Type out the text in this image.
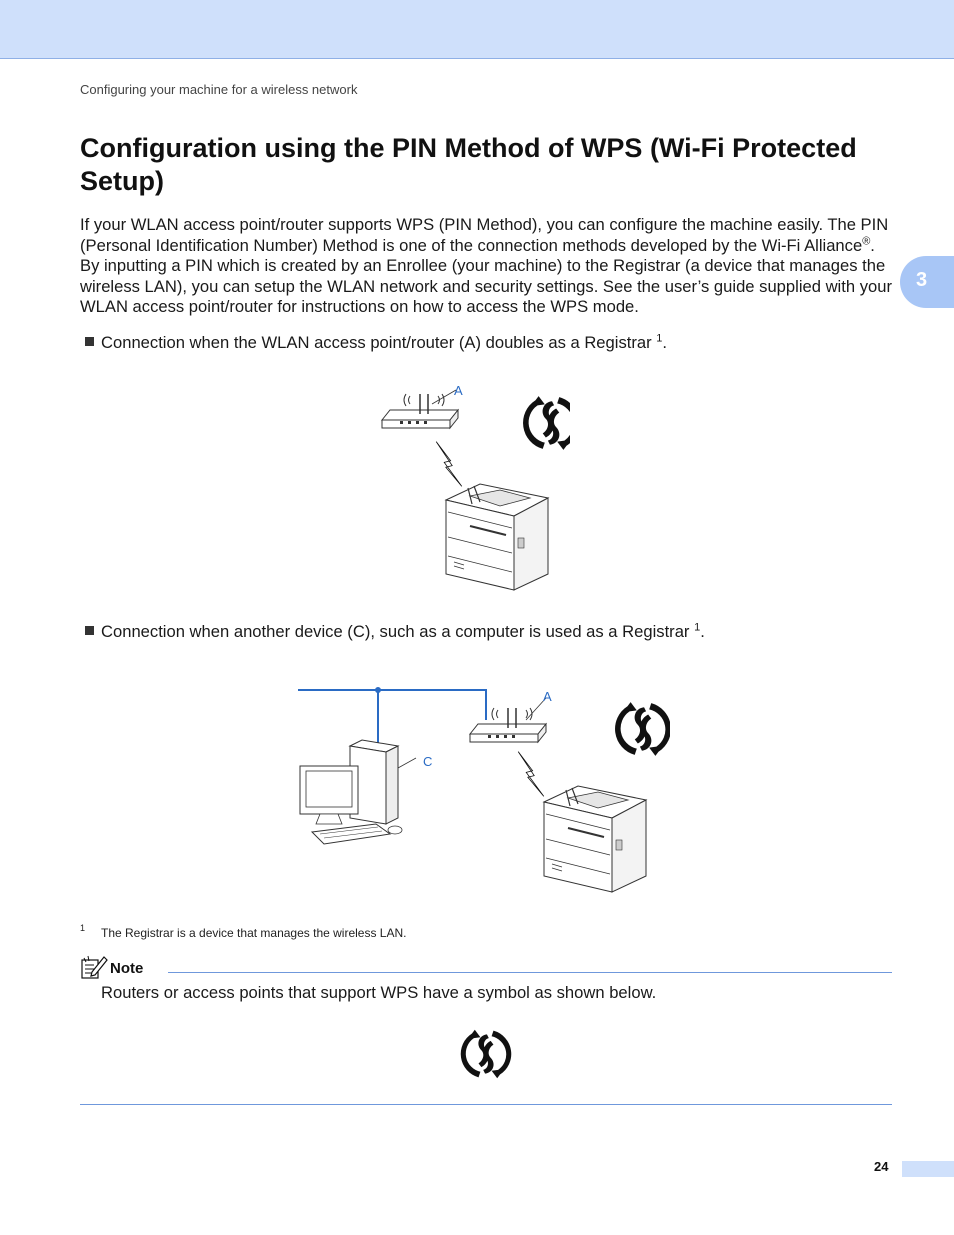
Configuring your machine for a wireless network
3
Configuration using the PIN Method of WPS (Wi-Fi Protected Setup)

If your WLAN access point/router supports WPS (PIN Method), you can configure the machine easily. The PIN (Personal Identification Number) Method is one of the connection methods developed by the Wi-Fi Alliance®. By inputting a PIN which is created by an Enrollee (your machine) to the Registrar (a device that manages the wireless LAN), you can setup the WLAN network and security settings. See the user’s guide supplied with your WLAN access point/router for instructions on how to access the WPS mode.

Connection when the WLAN access point/router (A) doubles as a Registrar $^1$.
A
Connection when another device (C), such as a computer is used as a Registrar $^1$.
A
C
1 The Registrar is a device that manages the wireless LAN.
Note
Routers or access points that support WPS have a symbol as shown below.
24
